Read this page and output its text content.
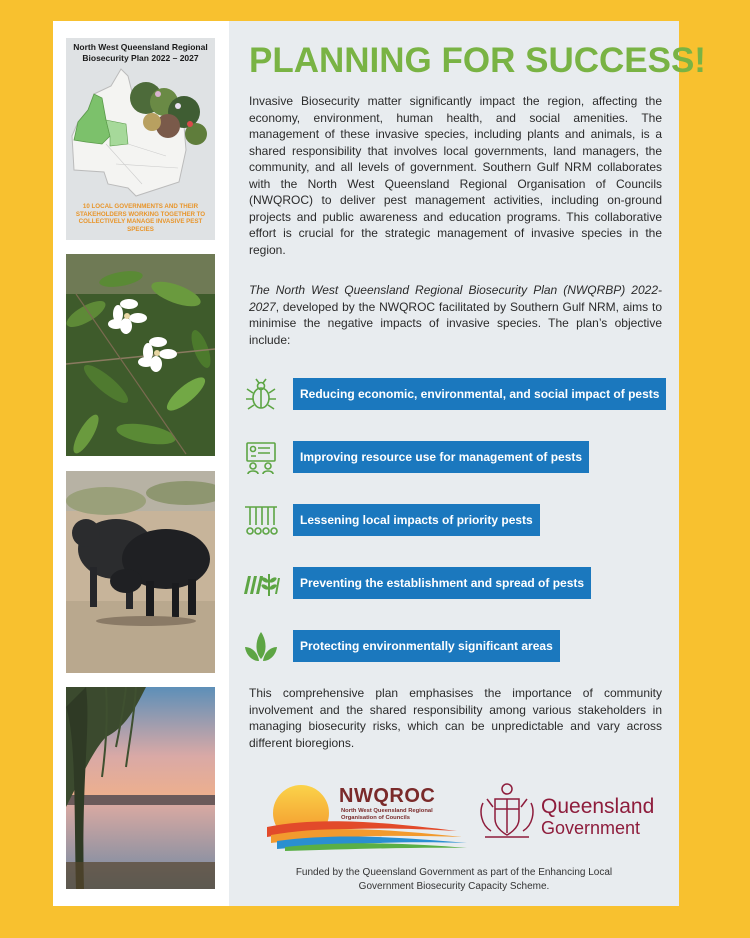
North West Queensland Regional
Biosecurity Plan 2022 – 2027
10 LOCAL GOVERNMENTS AND THEIR STAKEHOLDERS WORKING TOGETHER TO COLLECTIVELY MANAGE INVASIVE PEST SPECIES
PLANNING FOR SUCCESS!
Invasive Biosecurity matter significantly impact the region, affecting the economy, environment, human health, and social amenities. The management of these invasive species, including plants and animals, is a shared responsibility that involves local governments, land managers, the community, and all levels of government. Southern Gulf NRM collaborates with the North West Queensland Regional Organisation of Councils (NWQROC) to deliver pest management activities, including on-ground projects and public awareness and education programs. This collaborative effort is crucial for the strategic management of invasive species in the region.
The North West Queensland Regional Biosecurity Plan (NWQRBP) 2022-2027, developed by the NWQROC facilitated by Southern Gulf NRM, aims to minimise the negative impacts of invasive species. The plan’s objective include:
Reducing economic, environmental, and social impact of pests
Improving resource use for management of pests
Lessening local impacts of priority pests
Preventing the establishment and spread of pests
Protecting environmentally significant areas
This comprehensive plan emphasises the importance of community involvement and the shared responsibility among various stakeholders in managing biosecurity risks, which can be unpredictable and vary across different bioregions.
NWQROC
North West Queensland Regional
Organisation of Councils	Queensland
Government
Funded by the Queensland Government as part of the Enhancing Local Government Biosecurity Capacity Scheme.
